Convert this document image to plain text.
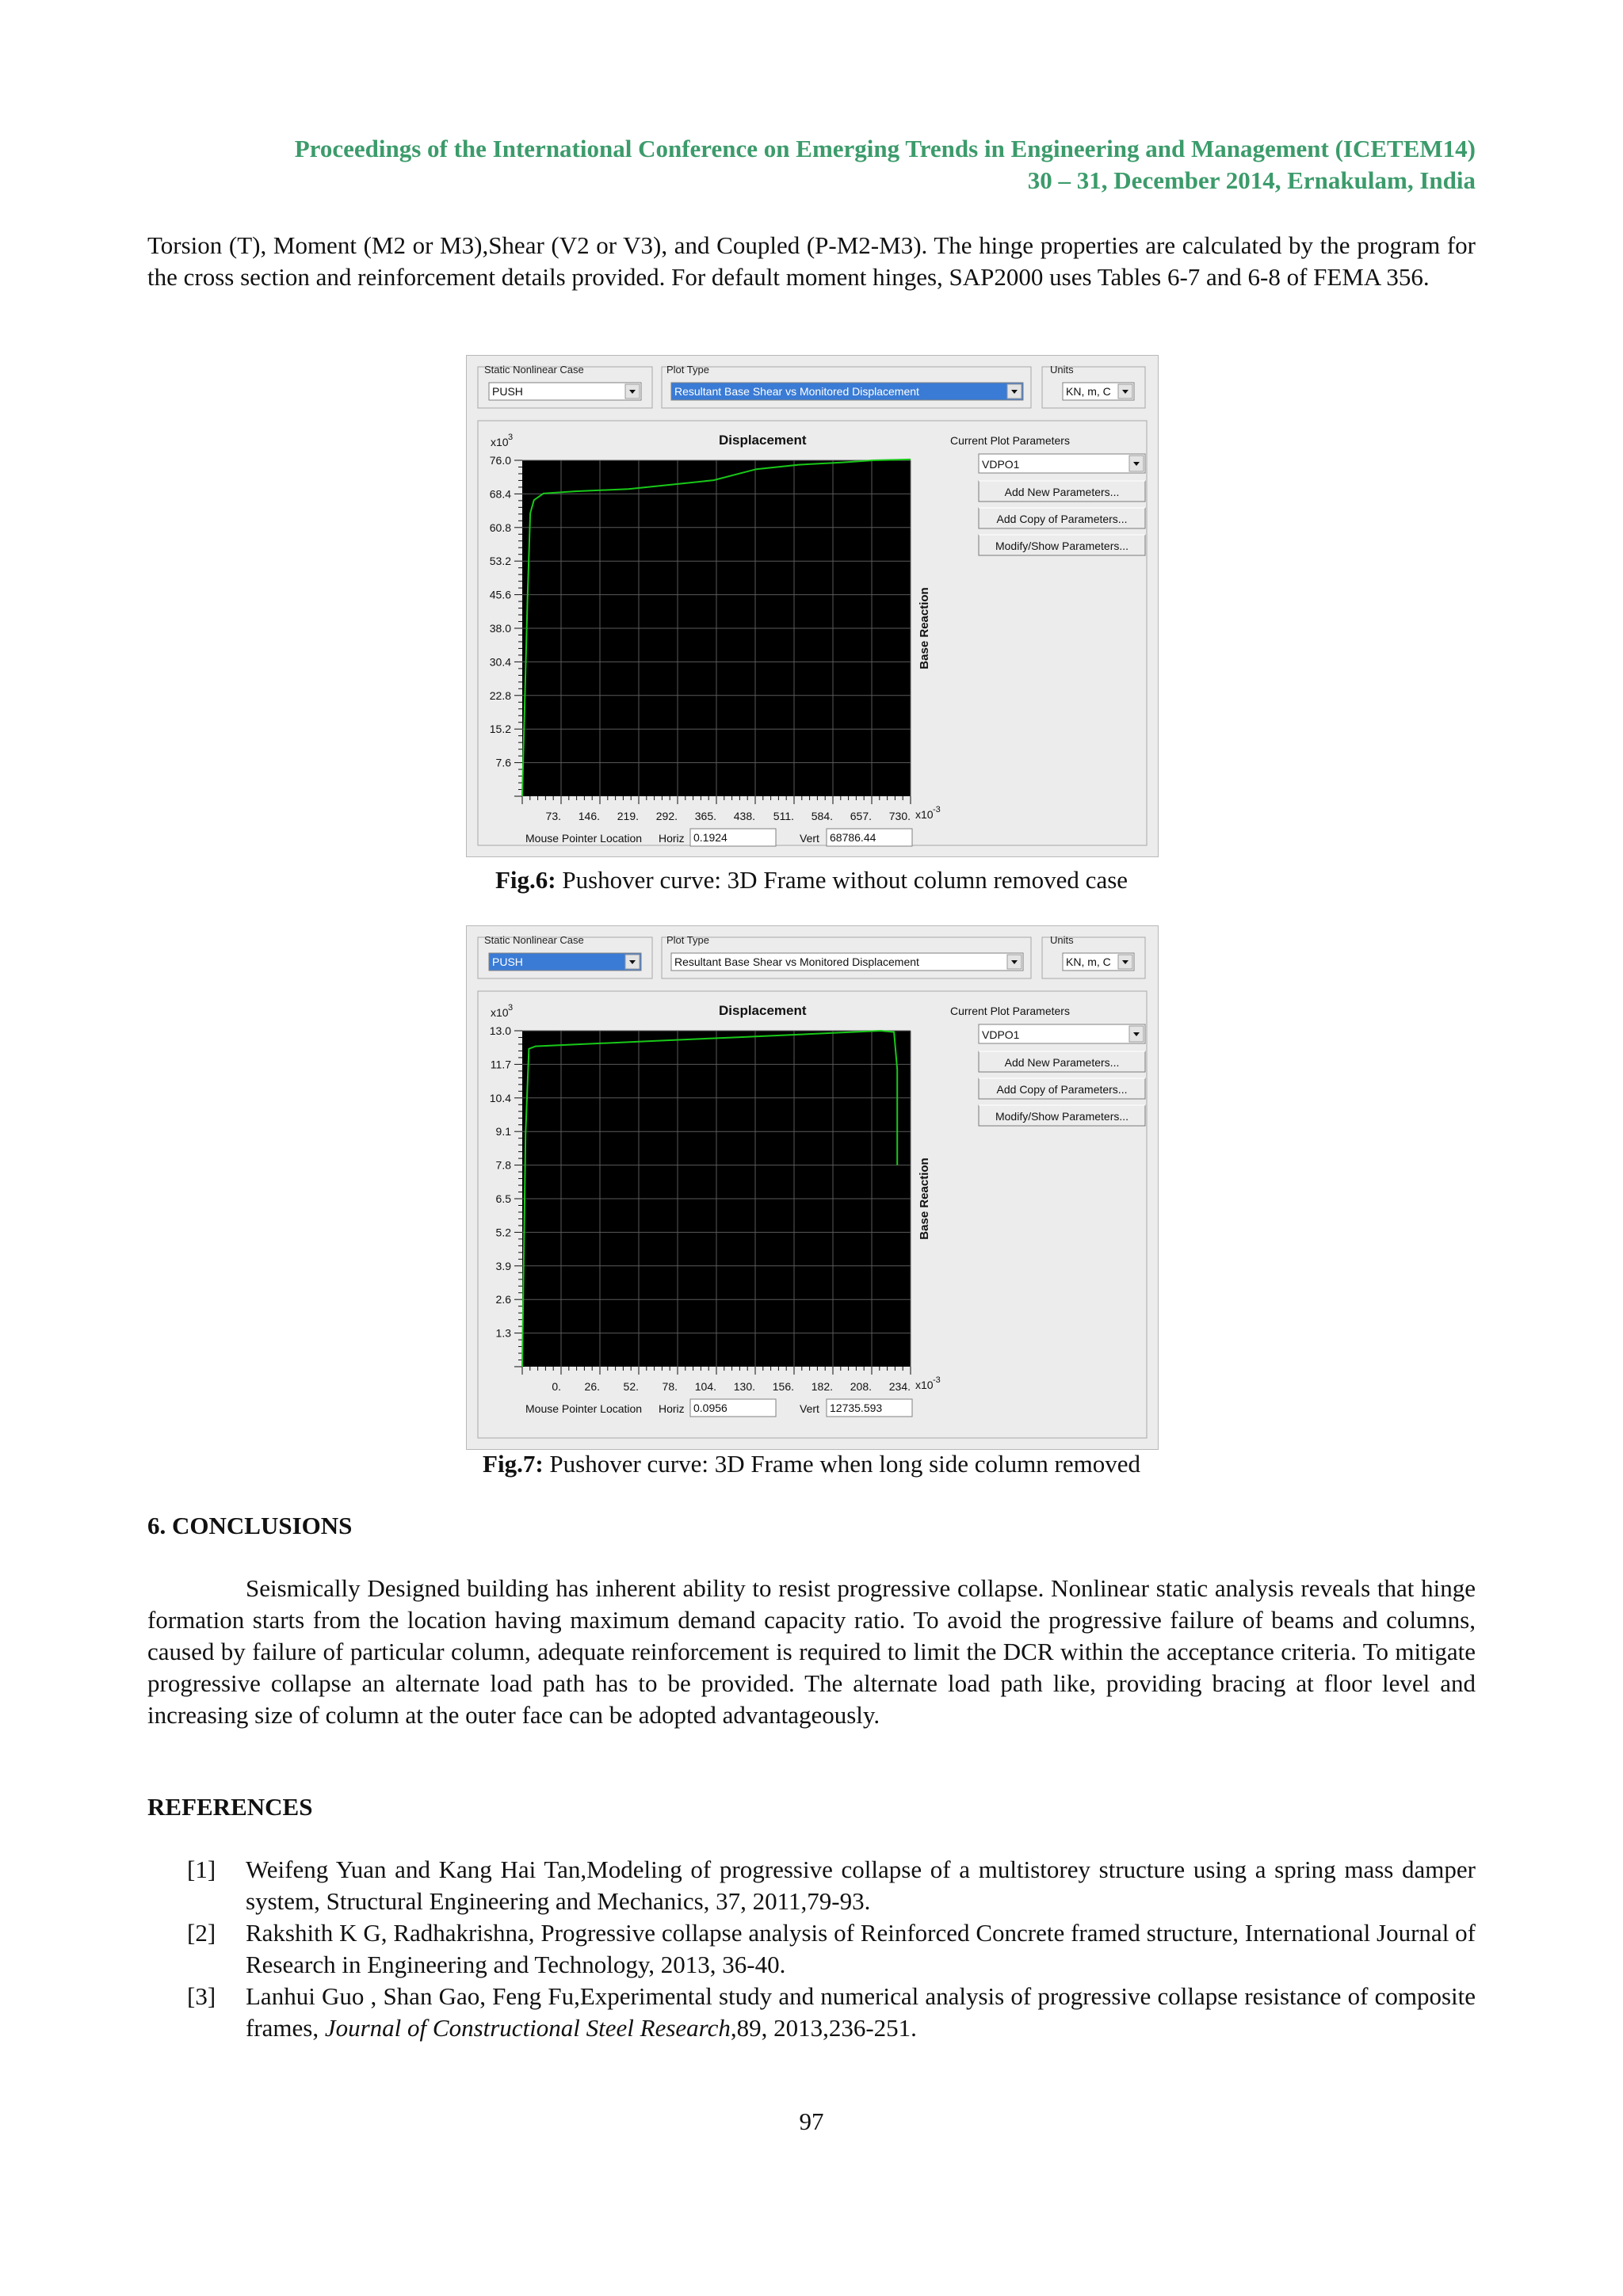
Proceedings of the International Conference on Emerging Trends in Engineering and Management (ICETEM14)
30 – 31, December 2014, Ernakulam, India
Torsion (T), Moment (M2 or M3),Shear (V2 or V3), and Coupled (P-M2-M3). The hinge properties are calculated by the program for the cross section and reinforcement details provided. For default moment hinges, SAP2000 uses Tables 6-7 and 6-8 of FEMA 356.
Static Nonlinear Case
PUSH
Plot Type
Resultant Base Shear vs Monitored Displacement
Units
KN, m, C
Displacement
x10 3
73. 146. 219. 292. 365. 438. 511. 584. 657. 730. x10 -3
7.6
15.2
22.8
30.4
38.0
45.6
53.2
60.8
68.4
76.0
Base Reaction
Current Plot Parameters
VDPO1
Add New Parameters...
Add Copy of Parameters...
Modify/Show Parameters...
Mouse Pointer Location Horiz 0.1924	Vert 68786.44
Fig.6: Pushover curve: 3D Frame without column removed case
Static Nonlinear Case
PUSH
Plot Type
Resultant Base Shear vs Monitored Displacement
Units
KN, m, C
Displacement
x10 3
0. 26. 52. 78. 104. 130. 156. 182. 208. 234. x10 -3
1.3
2.6
3.9
5.2
6.5
7.8
9.1
10.4
11.7
13.0
Base Reaction
Current Plot Parameters
VDPO1
Add New Parameters...
Add Copy of Parameters...
Modify/Show Parameters...
Mouse Pointer Location Horiz 0.0956	Vert 12735.593
Fig.7: Pushover curve: 3D Frame when long side column removed
6. CONCLUSIONS
Seismically Designed building has inherent ability to resist progressive collapse. Nonlinear static analysis reveals that hinge formation starts from the location having maximum demand capacity ratio. To avoid the progressive failure of beams and columns, caused by failure of particular column, adequate reinforcement is required to limit the DCR within the acceptance criteria. To mitigate progressive collapse an alternate load path has to be provided. The alternate load path like, providing bracing at floor level and increasing size of column at the outer face can be adopted advantageously.
REFERENCES
[1] Weifeng Yuan and Kang Hai Tan,Modeling of progressive collapse of a multistorey structure using a spring mass damper system, Structural Engineering and Mechanics, 37, 2011,79-93.
[2] Rakshith K G, Radhakrishna, Progressive collapse analysis of Reinforced Concrete framed structure, International Journal of Research in Engineering and Technology, 2013, 36-40.
[3] Lanhui Guo , Shan Gao, Feng Fu,Experimental study and numerical analysis of progressive collapse resistance of composite frames, Journal of Constructional Steel Research,89, 2013,236-251.
97
